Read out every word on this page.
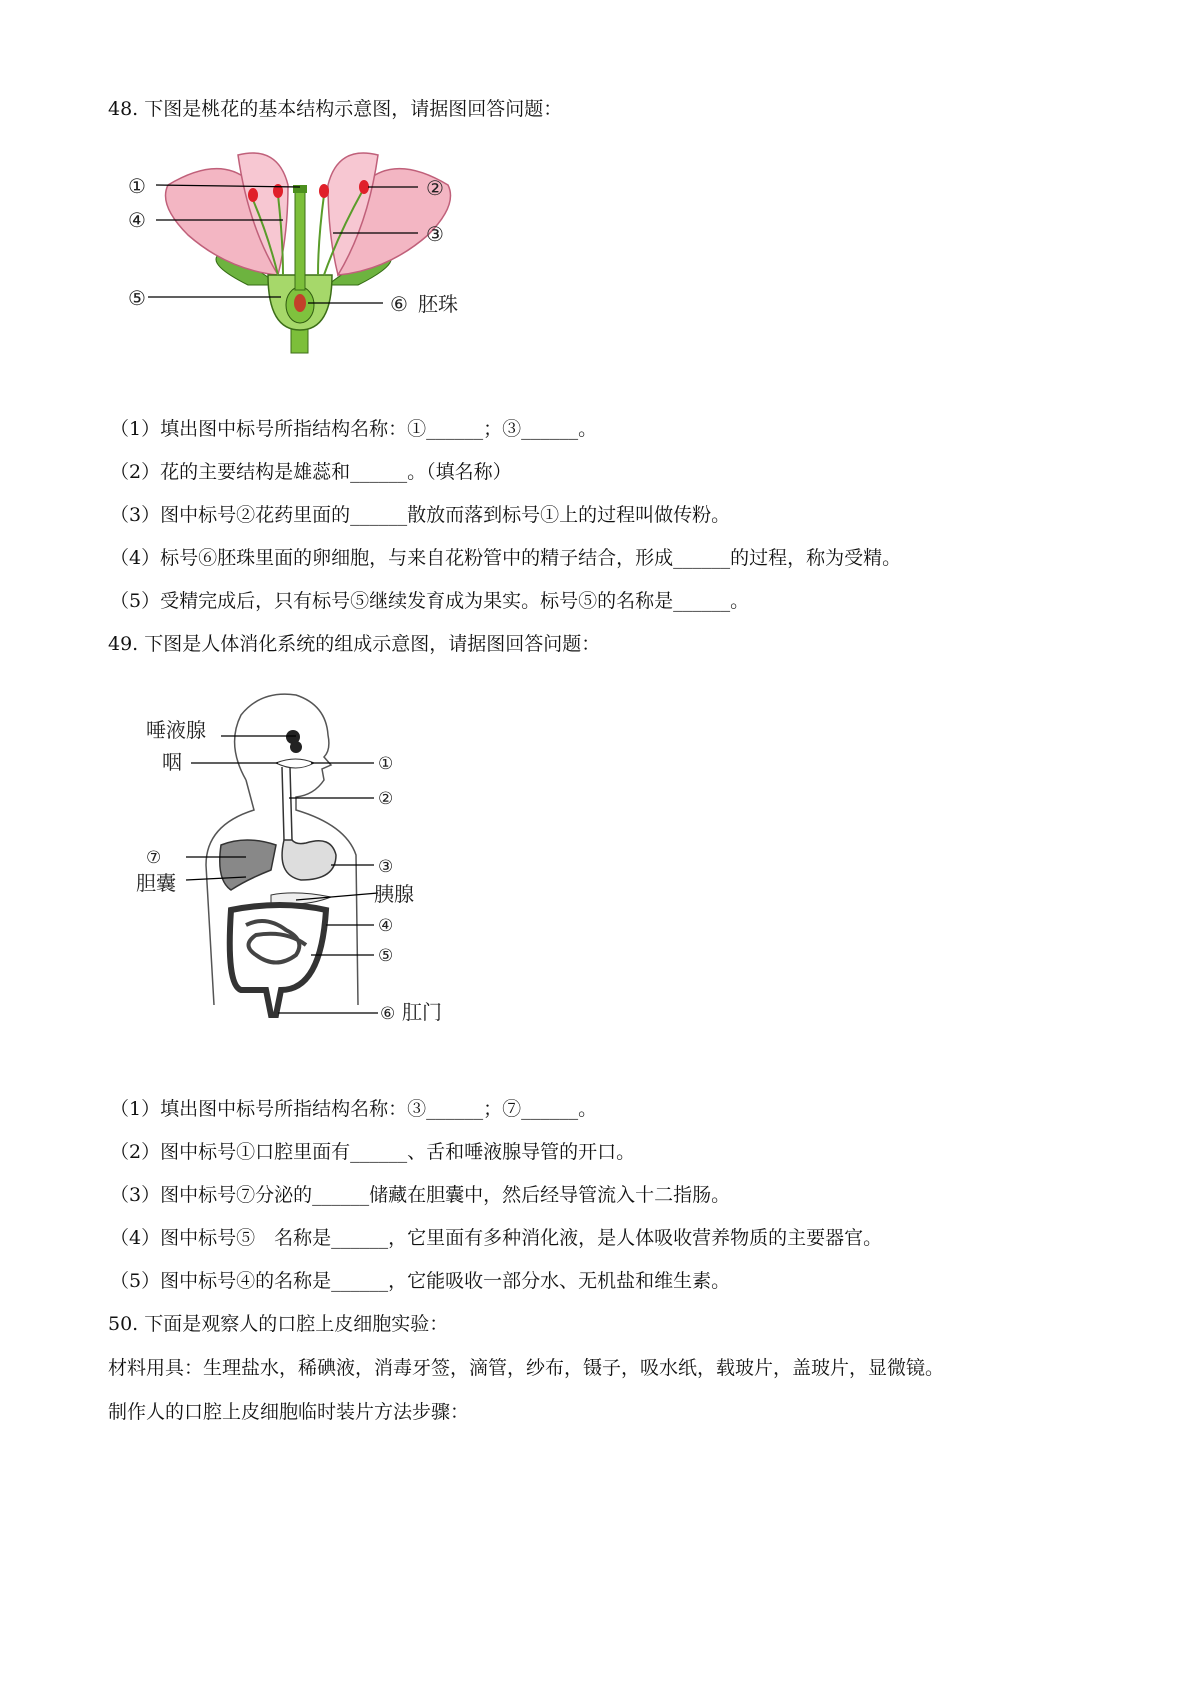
48. 下图是桃花的基本结构示意图，请据图回答问题：
①	②
③
④
⑤	⑥ 胚珠
（1）填出图中标号所指结构名称：①______；③______。
（2）花的主要结构是雄蕊和______。（填名称）
（3）图中标号②花药里面的______散放而落到标号①上的过程叫做传粉。
（4）标号⑥胚珠里面的卵细胞，与来自花粉管中的精子结合，形成______的过程，称为受精。
（5）受精完成后，只有标号⑤继续发育成为果实。标号⑤的名称是______。
49. 下图是人体消化系统的组成示意图，请据图回答问题：
唾液腺
咽	①
②
③
胰腺
④
⑤
⑥ 肛门
⑦
胆囊
（1）填出图中标号所指结构名称：③______；⑦______。
（2）图中标号①口腔里面有______、舌和唾液腺导管的开口。
（3）图中标号⑦分泌的______储藏在胆囊中，然后经导管流入十二指肠。
（4）图中标号⑤　名称是______，它里面有多种消化液，是人体吸收营养物质的主要器官。
（5）图中标号④的名称是______，它能吸收一部分水、无机盐和维生素。
50. 下面是观察人的口腔上皮细胞实验：
材料用具：生理盐水，稀碘液，消毒牙签，滴管，纱布，镊子，吸水纸，载玻片，盖玻片，显微镜。
制作人的口腔上皮细胞临时装片方法步骤：
